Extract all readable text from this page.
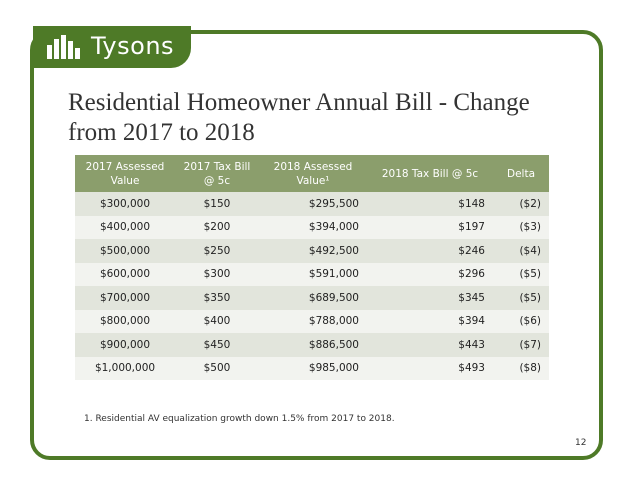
Tysons
Residential Homeowner Annual Bill - Change from 2017 to 2018
2017 Assessed Value	2017 Tax Bill @ 5c	2018 Assessed Value¹	2018 Tax Bill @ 5c	Delta
$300,000	$150	$295,500	$148	($2)
$400,000	$200	$394,000	$197	($3)
$500,000	$250	$492,500	$246	($4)
$600,000	$300	$591,000	$296	($5)
$700,000	$350	$689,500	$345	($5)
$800,000	$400	$788,000	$394	($6)
$900,000	$450	$886,500	$443	($7)
$1,000,000	$500	$985,000	$493	($8)
1. Residential AV equalization growth down 1.5% from 2017 to 2018.
12
